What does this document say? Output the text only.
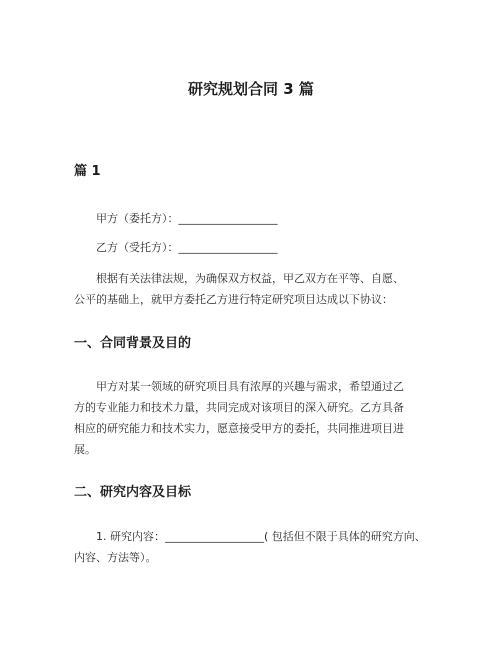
研究规划合同 3 篇
篇 1
甲方（委托方）：__________________
乙方（受托方）：__________________
根据有关法律法规，为确保双方权益，甲乙双方在平等、自愿、
公平的基础上，就甲方委托乙方进行特定研究项目达成以下协议：
一、合同背景及目的
甲方对某一领域的研究项目具有浓厚的兴趣与需求，希望通过乙
方的专业能力和技术力量，共同完成对该项目的深入研究。乙方具备
相应的研究能力和技术实力，愿意接受甲方的委托，共同推进项目进
展。
二、研究内容及目标
1. 研究内容：__________________( 包括但不限于具体的研究方向、
内容、方法等）。
